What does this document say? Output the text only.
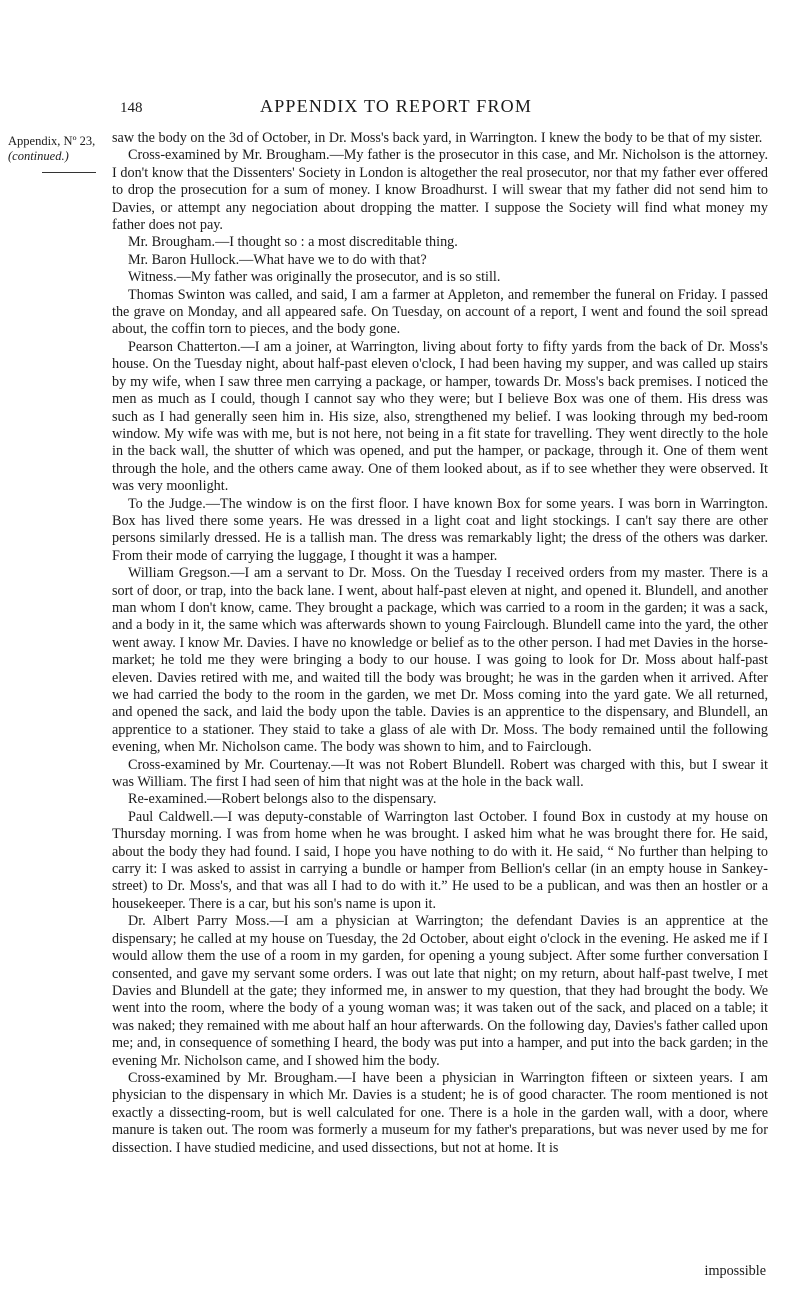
148	APPENDIX TO REPORT FROM
Appendix, Nº 23,
(continued.)

saw the body on the 3d of October, in Dr. Moss's back yard, in Warrington. I knew the body to be that of my sister.

Cross-examined by Mr. Brougham.—My father is the prosecutor in this case, and Mr. Nicholson is the attorney. I don't know that the Dissenters' Society in London is altogether the real prosecutor, nor that my father ever offered to drop the prosecution for a sum of money. I know Broadhurst. I will swear that my father did not send him to Davies, or attempt any negociation about dropping the matter. I suppose the Society will find what money my father does not pay.

Mr. Brougham.—I thought so : a most discreditable thing.

Mr. Baron Hullock.—What have we to do with that?

Witness.—My father was originally the prosecutor, and is so still.

Thomas Swinton was called, and said, I am a farmer at Appleton, and remember the funeral on Friday. I passed the grave on Monday, and all appeared safe. On Tuesday, on account of a report, I went and found the soil spread about, the coffin torn to pieces, and the body gone.

Pearson Chatterton.—I am a joiner, at Warrington, living about forty to fifty yards from the back of Dr. Moss's house. On the Tuesday night, about half-past eleven o'clock, I had been having my supper, and was called up stairs by my wife, when I saw three men carrying a package, or hamper, towards Dr. Moss's back premises. I noticed the men as much as I could, though I cannot say who they were; but I believe Box was one of them. His dress was such as I had generally seen him in. His size, also, strengthened my belief. I was looking through my bed-room window. My wife was with me, but is not here, not being in a fit state for travelling. They went directly to the hole in the back wall, the shutter of which was opened, and put the hamper, or package, through it. One of them went through the hole, and the others came away. One of them looked about, as if to see whether they were observed. It was very moonlight.

To the Judge.—The window is on the first floor. I have known Box for some years. I was born in Warrington. Box has lived there some years. He was dressed in a light coat and light stockings. I can't say there are other persons similarly dressed. He is a tallish man. The dress was remarkably light; the dress of the others was darker. From their mode of carrying the luggage, I thought it was a hamper.

William Gregson.—I am a servant to Dr. Moss. On the Tuesday I received orders from my master. There is a sort of door, or trap, into the back lane. I went, about half-past eleven at night, and opened it. Blundell, and another man whom I don't know, came. They brought a package, which was carried to a room in the garden; it was a sack, and a body in it, the same which was afterwards shown to young Fairclough. Blundell came into the yard, the other went away. I know Mr. Davies. I have no knowledge or belief as to the other person. I had met Davies in the horse-market; he told me they were bringing a body to our house. I was going to look for Dr. Moss about half-past eleven. Davies retired with me, and waited till the body was brought; he was in the garden when it arrived. After we had carried the body to the room in the garden, we met Dr. Moss coming into the yard gate. We all returned, and opened the sack, and laid the body upon the table. Davies is an apprentice to the dispensary, and Blundell, an apprentice to a stationer. They staid to take a glass of ale with Dr. Moss. The body remained until the following evening, when Mr. Nicholson came. The body was shown to him, and to Fairclough.

Cross-examined by Mr. Courtenay.—It was not Robert Blundell. Robert was charged with this, but I swear it was William. The first I had seen of him that night was at the hole in the back wall.

Re-examined.—Robert belongs also to the dispensary.

Paul Caldwell.—I was deputy-constable of Warrington last October. I found Box in custody at my house on Thursday morning. I was from home when he was brought. I asked him what he was brought there for. He said, about the body they had found. I said, I hope you have nothing to do with it. He said, “ No further than helping to carry it: I was asked to assist in carrying a bundle or hamper from Bellion's cellar (in an empty house in Sankey-street) to Dr. Moss's, and that was all I had to do with it.” He used to be a publican, and was then an hostler or a housekeeper. There is a car, but his son's name is upon it.

Dr. Albert Parry Moss.—I am a physician at Warrington; the defendant Davies is an apprentice at the dispensary; he called at my house on Tuesday, the 2d October, about eight o'clock in the evening. He asked me if I would allow them the use of a room in my garden, for opening a young subject. After some further conversation I consented, and gave my servant some orders. I was out late that night; on my return, about half-past twelve, I met Davies and Blundell at the gate; they informed me, in answer to my question, that they had brought the body. We went into the room, where the body of a young woman was; it was taken out of the sack, and placed on a table; it was naked; they remained with me about half an hour afterwards. On the following day, Davies's father called upon me; and, in consequence of something I heard, the body was put into a hamper, and put into the back garden; in the evening Mr. Nicholson came, and I showed him the body.

Cross-examined by Mr. Brougham.—I have been a physician in Warrington fifteen or sixteen years. I am physician to the dispensary in which Mr. Davies is a student; he is of good character. The room mentioned is not exactly a dissecting-room, but is well calculated for one. There is a hole in the garden wall, with a door, where manure is taken out. The room was formerly a museum for my father's preparations, but was never used by me for dissection. I have studied medicine, and used dissections, but not at home. It is

impossible
